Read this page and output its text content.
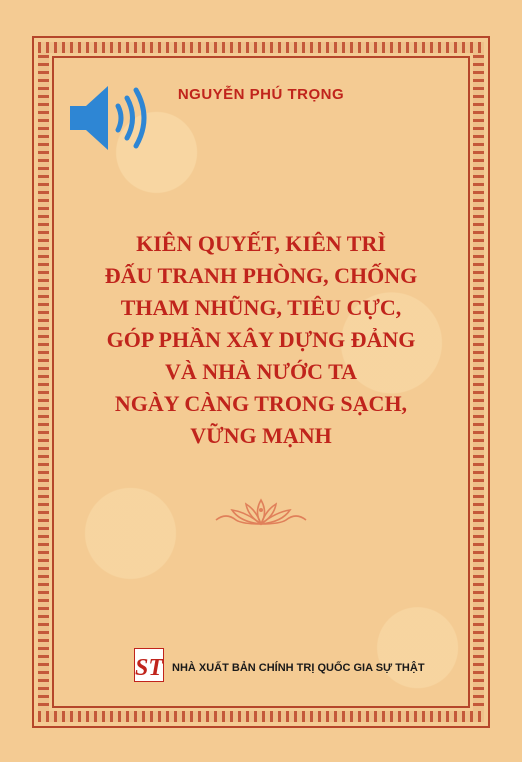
NGUYỄN PHÚ TRỌNG
KIÊN QUYẾT, KIÊN TRÌ
ĐẤU TRANH PHÒNG, CHỐNG
THAM NHŨNG, TIÊU CỰC,
GÓP PHẦN XÂY DỰNG ĐẢNG
VÀ NHÀ NƯỚC TA
NGÀY CÀNG TRONG SẠCH,
VỮNG MẠNH
ST NHÀ XUẤT BẢN CHÍNH TRỊ QUỐC GIA SỰ THẬT
